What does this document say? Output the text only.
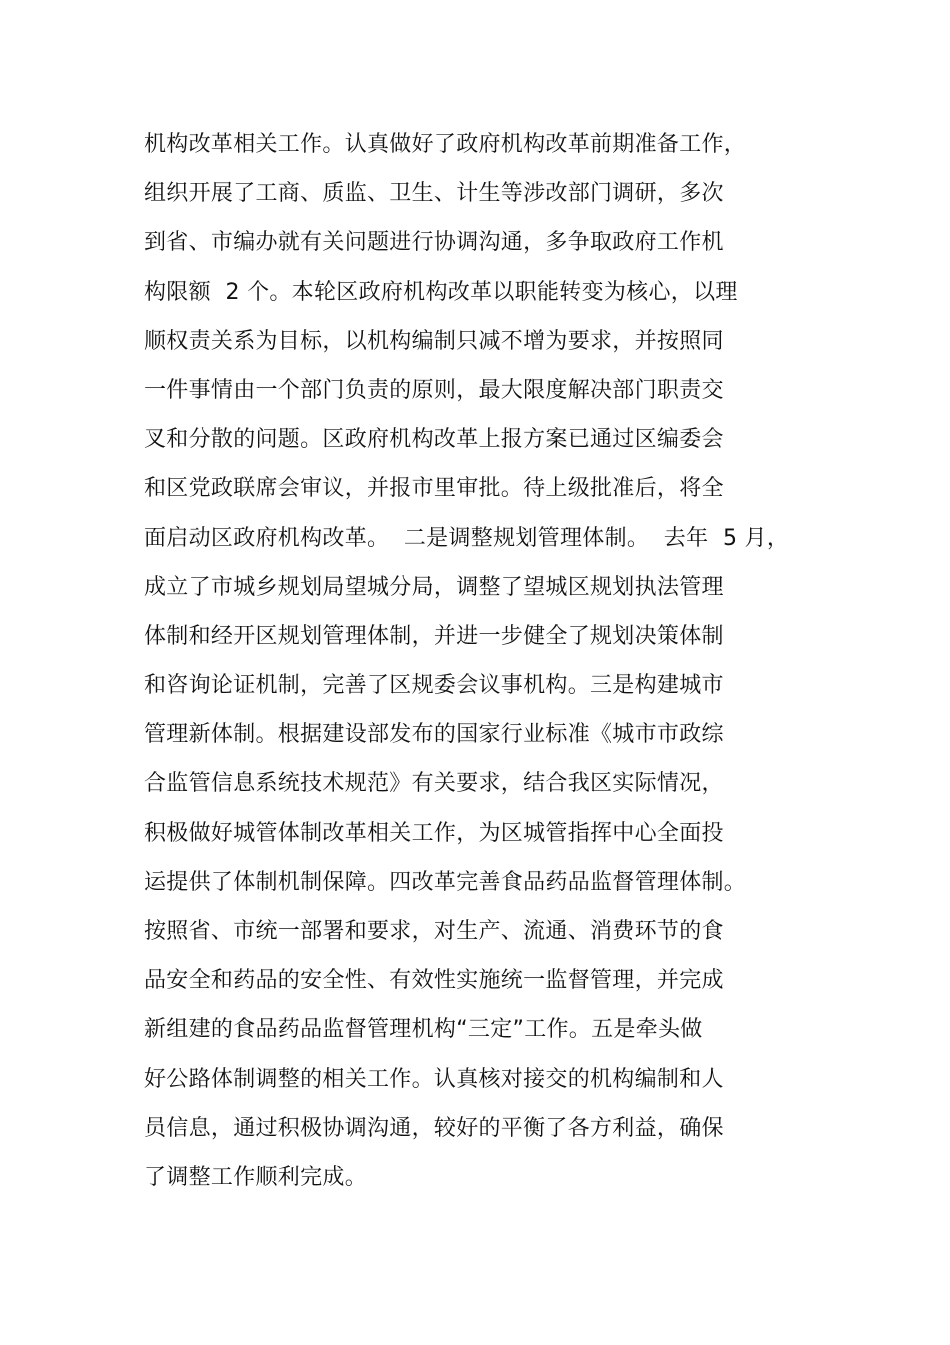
机构改革相关工作。认真做好了政府机构改革前期准备工作，
组织开展了工商、质监、卫生、计生等涉改部门调研，多次
到省、市编办就有关问题进行协调沟通，多争取政府工作机
构限额  2 个。本轮区政府机构改革以职能转变为核心，以理
顺权责关系为目标，以机构编制只减不增为要求，并按照同
一件事情由一个部门负责的原则，最大限度解决部门职责交
叉和分散的问题。区政府机构改革上报方案已通过区编委会
和区党政联席会审议，并报市里审批。待上级批准后，将全
面启动区政府机构改革。  二是调整规划管理体制。  去年  5 月，
成立了市城乡规划局望城分局，调整了望城区规划执法管理
体制和经开区规划管理体制，并进一步健全了规划决策体制
和咨询论证机制，完善了区规委会议事机构。三是构建城市
管理新体制。根据建设部发布的国家行业标准《城市市政综
合监管信息系统技术规范》有关要求，结合我区实际情况，
积极做好城管体制改革相关工作，为区城管指挥中心全面投
运提供了体制机制保障。四改革完善食品药品监督管理体制。
按照省、市统一部署和要求，对生产、流通、消费环节的食
品安全和药品的安全性、有效性实施统一监督管理，并完成
新组建的食品药品监督管理机构“三定”工作。五是牵头做
好公路体制调整的相关工作。认真核对接交的机构编制和人
员信息，通过积极协调沟通，较好的平衡了各方利益，确保
了调整工作顺利完成。
